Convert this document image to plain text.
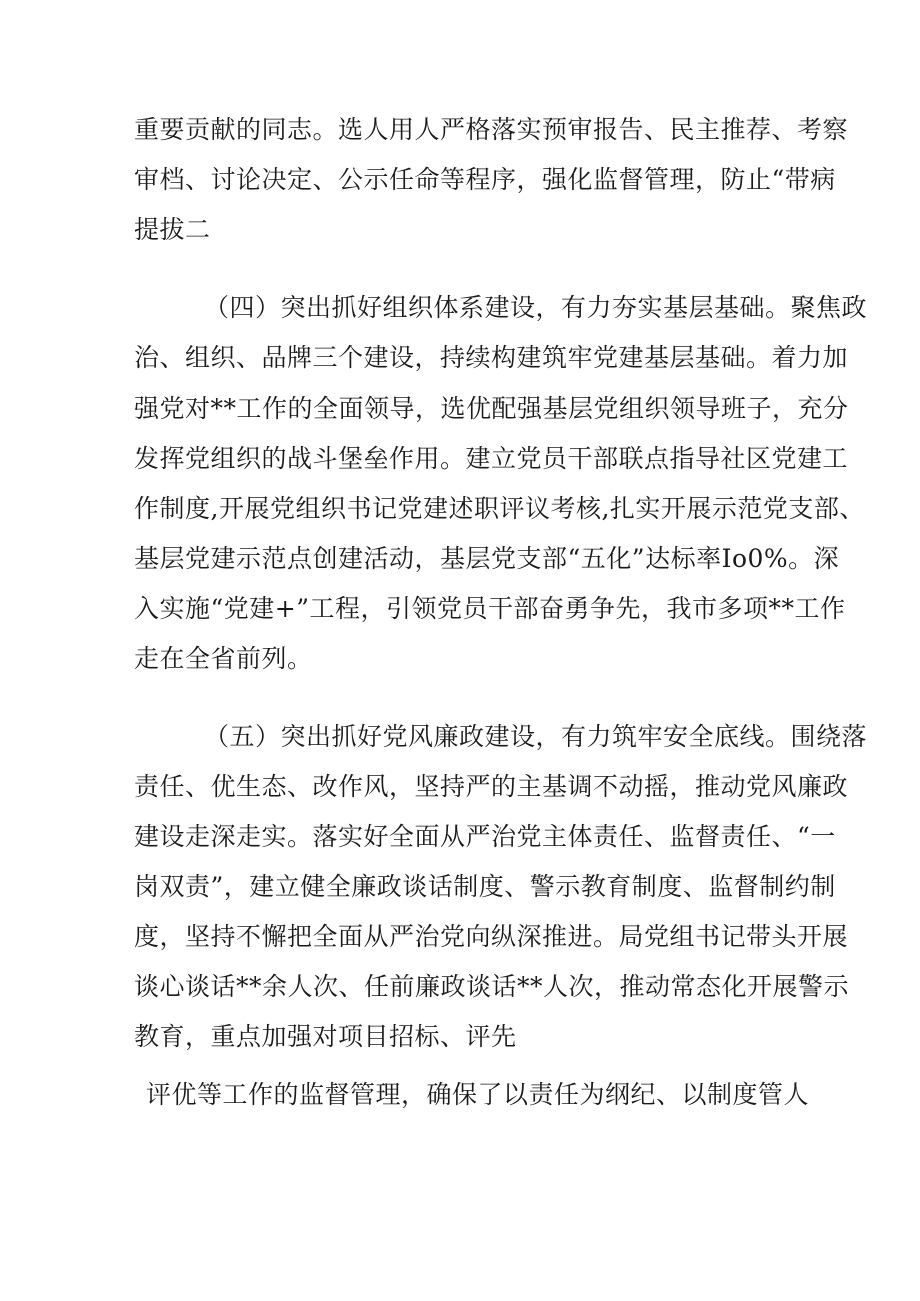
重要贡献的同志。选人用人严格落实预审报告、民主推荐、考察
审档、讨论决定、公示任命等程序，强化监督管理，防止“带病
提拔二
（四）突出抓好组织体系建设，有力夯实基层基础。聚焦政
治、组织、品牌三个建设，持续构建筑牢党建基层基础。着力加
强党对**工作的全面领导，选优配强基层党组织领导班子，充分
发挥党组织的战斗堡垒作用。建立党员干部联点指导社区党建工
作制度,开展党组织书记党建述职评议考核,扎实开展示范党支部、
基层党建示范点创建活动，基层党支部“五化”达标率Io0%。深
入实施“党建+”工程，引领党员干部奋勇争先，我市多项**工作
走在全省前列。
（五）突出抓好党风廉政建设，有力筑牢安全底线。围绕落
责任、优生态、改作风，坚持严的主基调不动摇，推动党风廉政
建设走深走实。落实好全面从严治党主体责任、监督责任、“一
岗双责”，建立健全廉政谈话制度、警示教育制度、监督制约制
度，坚持不懈把全面从严治党向纵深推进。局党组书记带头开展
谈心谈话**余人次、任前廉政谈话**人次，推动常态化开展警示
教育，重点加强对项目招标、评先
评优等工作的监督管理，确保了以责任为纲纪、以制度管人
